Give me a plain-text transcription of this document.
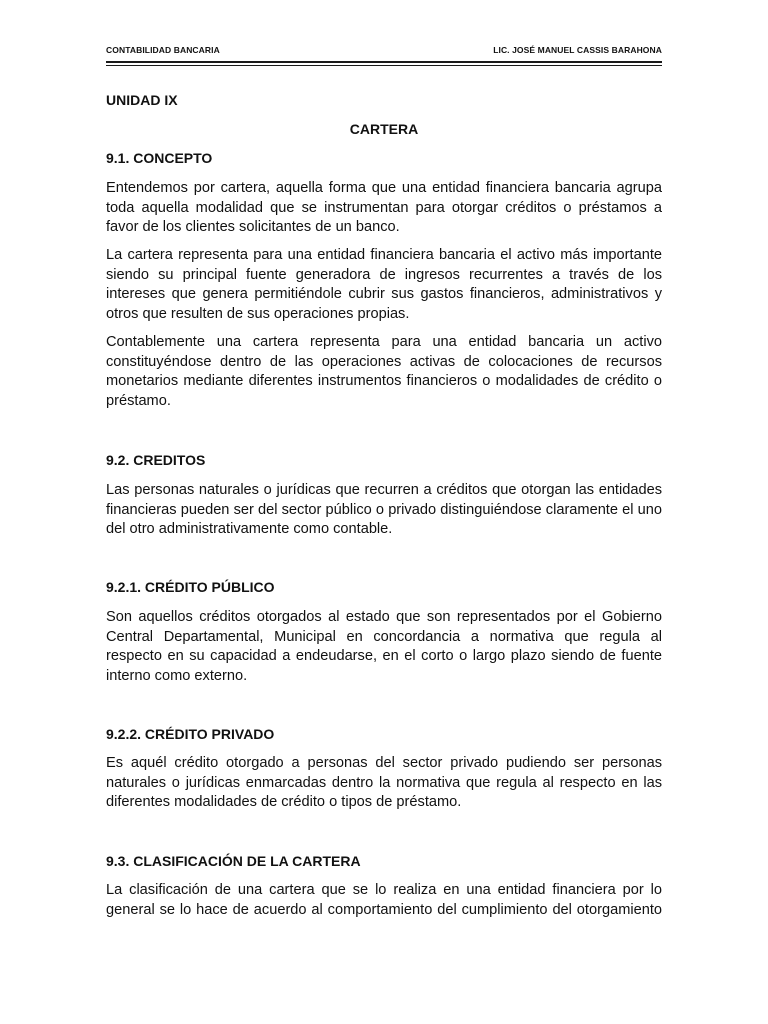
CONTABILIDAD BANCARIA	LIC. JOSÉ MANUEL CASSIS BARAHONA
UNIDAD IX
CARTERA
9.1. CONCEPTO
Entendemos por cartera, aquella forma que una entidad financiera bancaria agrupa toda aquella modalidad que se instrumentan para otorgar créditos o préstamos a favor de los clientes solicitantes de un banco.
La cartera representa para una entidad financiera bancaria el activo más importante siendo su principal fuente generadora de ingresos recurrentes a través de los intereses que genera permitiéndole cubrir sus gastos financieros, administrativos y otros que resulten de sus operaciones propias.
Contablemente una cartera representa para una entidad bancaria un activo constituyéndose dentro de las operaciones activas de colocaciones de recursos monetarios mediante diferentes instrumentos financieros o modalidades de crédito o préstamo.
9.2. CREDITOS
Las personas naturales o jurídicas que recurren a créditos que otorgan las entidades financieras pueden ser del sector público o privado distinguiéndose claramente el uno del otro administrativamente como contable.
9.2.1. CRÉDITO PÚBLICO
Son aquellos créditos otorgados al estado que son representados por el Gobierno Central Departamental, Municipal en concordancia a normativa que regula al respecto en su capacidad a endeudarse, en el corto o largo plazo siendo de fuente interno como externo.
9.2.2. CRÉDITO PRIVADO
Es aquél crédito otorgado a personas del sector privado pudiendo ser personas naturales o jurídicas enmarcadas dentro la normativa que regula al respecto en las diferentes modalidades de crédito o tipos de préstamo.
9.3. CLASIFICACIÓN DE LA CARTERA
La clasificación de una cartera que se lo realiza en una entidad financiera por lo general se lo hace de acuerdo al comportamiento del cumplimiento del otorgamiento
